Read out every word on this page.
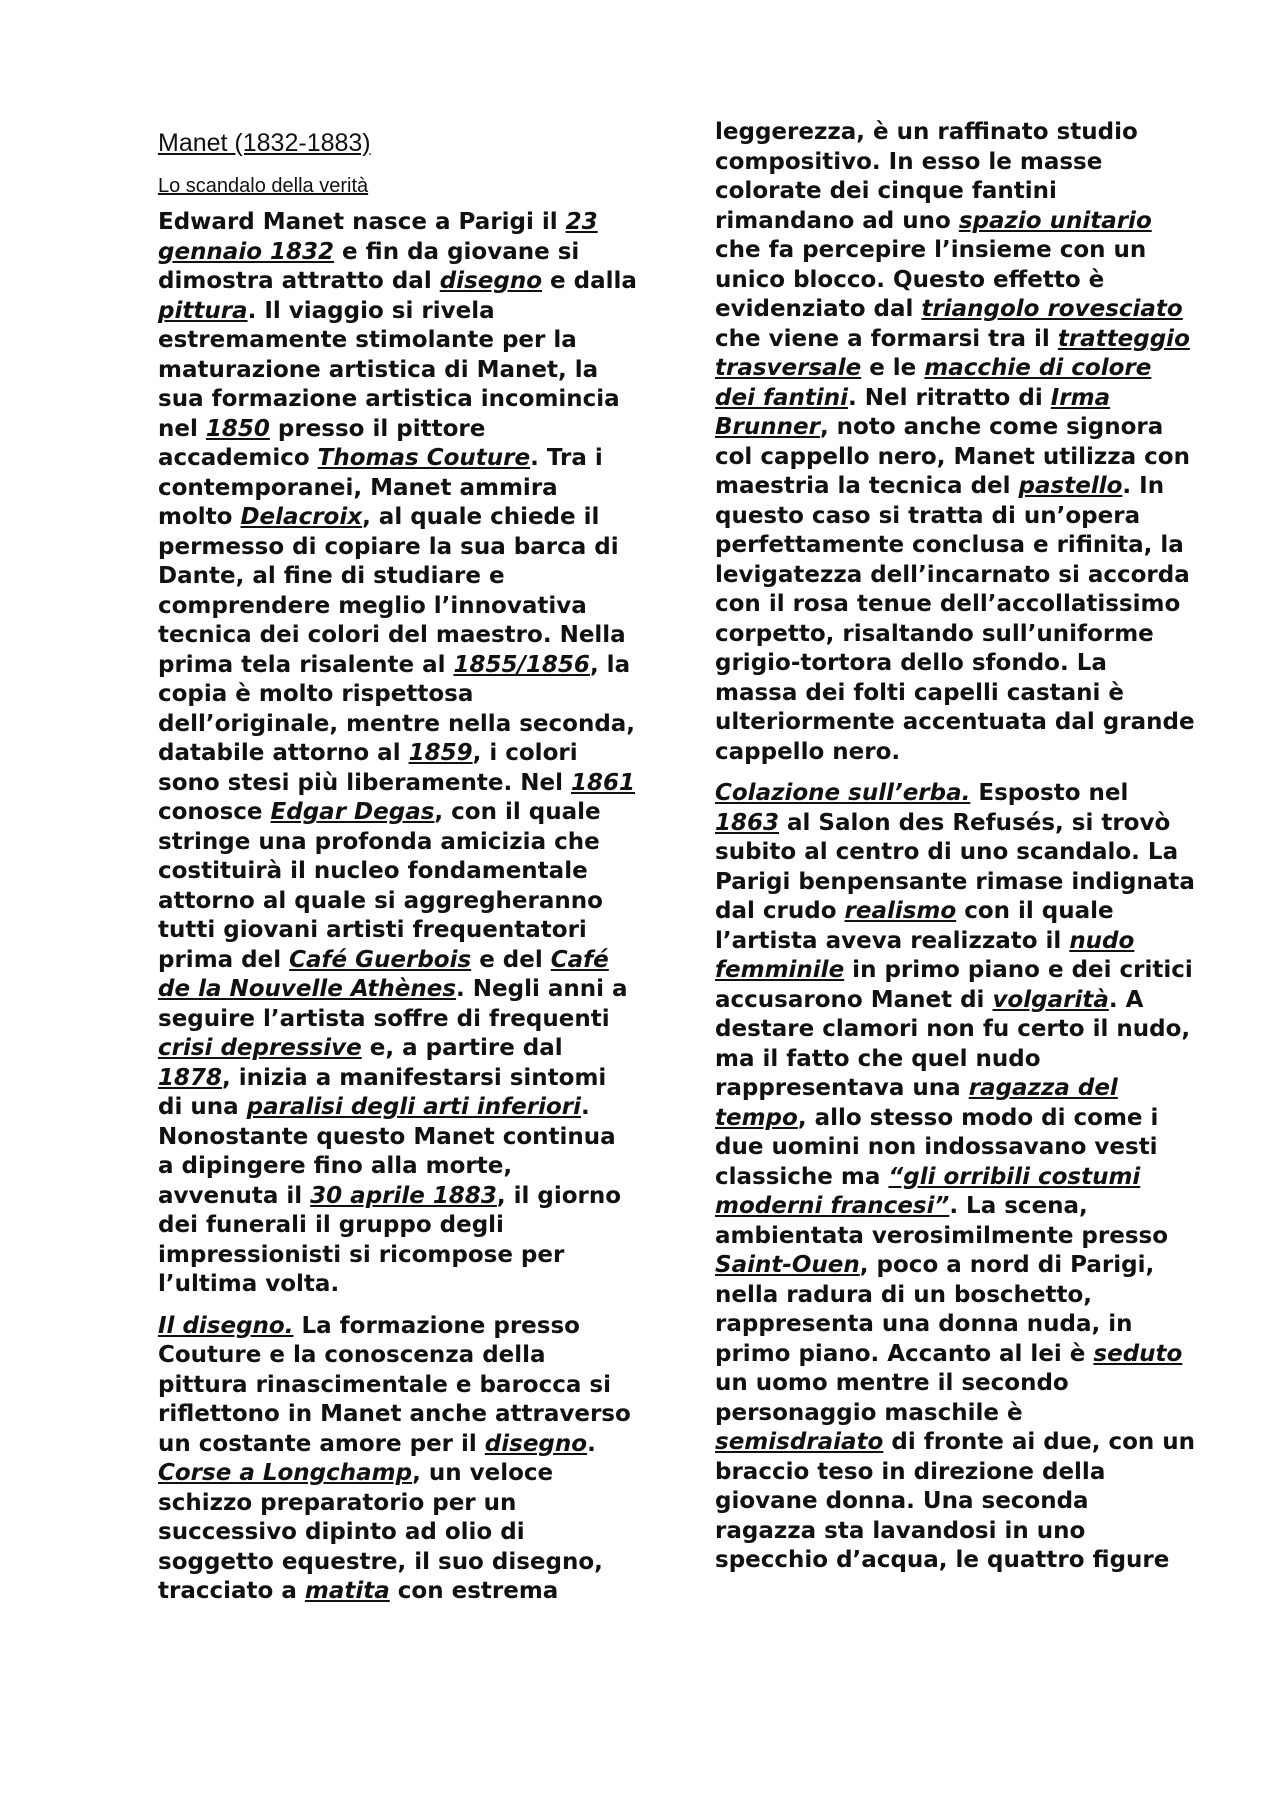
Manet (1832-1883)
Lo scandalo della verità

Edward Manet nasce a Parigi il 23 gennaio 1832 e fin da giovane si dimostra attratto dal disegno e dalla pittura. Il viaggio si rivela estremamente stimolante per la maturazione artistica di Manet, la sua formazione artistica incomincia nel 1850 presso il pittore accademico Thomas Couture. Tra i contemporanei, Manet ammira molto Delacroix, al quale chiede il permesso di copiare la sua barca di Dante, al fine di studiare e comprendere meglio l’innovativa tecnica dei colori del maestro. Nella prima tela risalente al 1855/1856, la copia è molto rispettosa dell’originale, mentre nella seconda, databile attorno al 1859, i colori sono stesi più liberamente. Nel 1861 conosce Edgar Degas, con il quale stringe una profonda amicizia che costituirà il nucleo fondamentale attorno al quale si aggregheranno tutti giovani artisti frequentatori prima del Café Guerbois e del Café de la Nouvelle Athènes. Negli anni a seguire l’artista soffre di frequenti crisi depressive e, a partire dal 1878, inizia a manifestarsi sintomi di una paralisi degli arti inferiori. Nonostante questo Manet continua a dipingere fino alla morte, avvenuta il 30 aprile 1883, il giorno dei funerali il gruppo degli impressionisti si ricompose per l’ultima volta.

Il disegno. La formazione presso Couture e la conoscenza della pittura rinascimentale e barocca si riflettono in Manet anche attraverso un costante amore per il disegno. Corse a Longchamp, un veloce schizzo preparatorio per un successivo dipinto ad olio di soggetto equestre, il suo disegno, tracciato a matita con estrema

leggerezza, è un raffinato studio compositivo. In esso le masse colorate dei cinque fantini rimandano ad uno spazio unitario che fa percepire l’insieme con un unico blocco. Questo effetto è evidenziato dal triangolo rovesciato che viene a formarsi tra il tratteggio trasversale e le macchie di colore dei fantini. Nel ritratto di Irma Brunner, noto anche come signora col cappello nero, Manet utilizza con maestria la tecnica del pastello. In questo caso si tratta di un’opera perfettamente conclusa e rifinita, la levigatezza dell’incarnato si accorda con il rosa tenue dell’accollatissimo corpetto, risaltando sull’uniforme grigio-tortora dello sfondo. La massa dei folti capelli castani è ulteriormente accentuata dal grande cappello nero.

Colazione sull’erba. Esposto nel 1863 al Salon des Refusés, si trovò subito al centro di uno scandalo. La Parigi benpensante rimase indignata dal crudo realismo con il quale l’artista aveva realizzato il nudo femminile in primo piano e dei critici accusarono Manet di volgarità. A destare clamori non fu certo il nudo, ma il fatto che quel nudo rappresentava una ragazza del tempo, allo stesso modo di come i due uomini non indossavano vesti classiche ma “gli orribili costumi moderni francesi”. La scena, ambientata verosimilmente presso Saint-Ouen, poco a nord di Parigi, nella radura di un boschetto, rappresenta una donna nuda, in primo piano. Accanto al lei è seduto un uomo mentre il secondo personaggio maschile è semisdraiato di fronte ai due, con un braccio teso in direzione della giovane donna. Una seconda ragazza sta lavandosi in uno specchio d’acqua, le quattro figure
